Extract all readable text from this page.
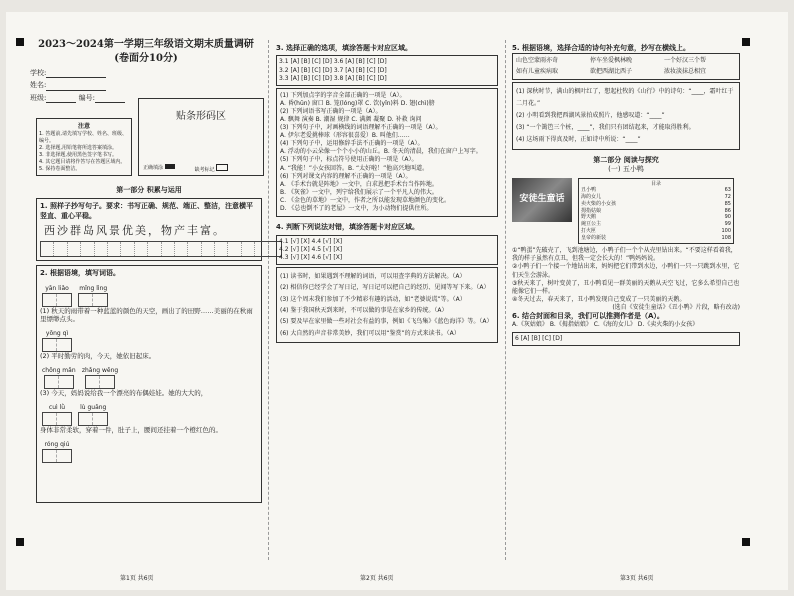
2023～2024第一学期三年级语文期末质量调研
(卷面分10分)
学校:
姓名:
班级:	编号:
注意
1. 答题前,请先填写学校、姓名、班级、编号。
2. 选择题,用铅笔将所选答案填涂。
3. 非选择题,使用黑色签字笔书写。
4. 其它题目请将作答写在答题区域内。
5. 保持卷面整洁。
贴条形码区
正确填涂	缺考标记
第一部分 积累与运用
1. 照样子抄写句子。要求：书写正确、规范、端正、整洁，注意横平竖直、重心平稳。
西沙群岛风景优美，物产丰富。
2. 根据语境，填写词语。
yān liǎo
mǐng lìng
(1) 秋天的雨带着一种蓝蓝的颜色的天空，画出了的田野……美丽的在秋雨里缥缈点头。
yōng qì
(2) 平时勤劳的肉，今天，她依旧起床。
chōng mǎn
zhǎng wēng
(3) 今天，妈妈说给我一个漂亮的布偶娃娃。她的大大的，
cuì lǜ
	lù guāng
身体非常柔软，穿着一件，肚子上，腰间还挂着一个橙红色的。
róng qiú
第1页 共6页
3. 选择正确的选项，填涂答题卡对应区域。
3.1 [A] [B] [C] [D] 3.6 [A] [B] [C] [D]
3.2 [A] [B] [C] [D] 3.7 [A] [B] [C] [D]
3.3 [A] [B] [C] [D] 3.8 [A] [B] [C] [D]
(1) 下列加点字的字音全部正确的一项是（A）。
A. 昏(hūn) 窗口 B. 笼(lóng)罩 C. 饮(yǐn)料 D. 翅(chì)膀
(2) 下列词语书写正确的一项是（A）。
A. 飘舞 演奏 B. 潮湿 规律 C. 满颜 凝聚 D. 补救 询问
(3) 下列句子中，对画横线的词语理解不正确的一项是（A）。
A. 伊尔老爱挑棒球（形容很喜爱）B. 叫他们……
(4) 下列句子中，运用修辞手法不正确的一项是（A）。
A. 浮动的小云朵像一个个小小的山丘。B. 冬天的清晨，我们在窗户上写字。
(5) 下列句子中，标点符号使用正确的一项是（A）。
A. “我能！”小女孩回答。B. “太好啦！”他高兴地叫道。
(6) 下列对课文内容的理解不正确的一项是（A）。
A. 《手术台就是阵地》一文中，白求恩把手术台当作阵地。
B. 《灰雀》一文中，列宁给我们展示了一个平凡人的伟大。
C. 《金色的草地》一文中，作者之所以能发现草地颜色的变化。
D. 《总也倒不了的老屋》一文中，为小动物们提供住所。
4. 判断下列说法对错，填涂答题卡对应区域。
4.1 [√] [X] 4.4 [√] [X]
4.2 [√] [X] 4.5 [√] [X]
4.3 [√] [X] 4.6 [√] [X]
(1) 读书时，如果遇到不理解的词语，可以用查字典的方法解决。（A）
(2) 相信你已经学会了写日记，写日记可以把自己的经历、见闻等写下来。（A）
(3) 这个周末我们参加了不少精彩有趣的活动，如“老婆说谎”等。（A）
(4) 鉴于我国秋天到来时，不可以做的事是在家乡的传统。（A）
(5) 要及早在家里做一些对社会有益的事，例如《飞鸟集》《蓝色海洋》等。（A）
(6) 大自然的声音非常美妙，我们可以用“鉴赏”的方式来读书。（A）
第2页 共6页
5. 根据语境，选择合适的诗句补充句意，抄写在横线上。
山色空蒙雨亦奇	停车坐爱枫林晚	一个好汉三个帮
如有儿童疾病取	欲把西湖比西子	浓妆淡抹总相宜
(1) 深秋时节，满山的枫叶红了，想起杜牧的《山行》中的诗句：“____，霜叶红于二月花。”
(2) 小明看到我把西湖风景拍成照片，他感叹道：“____”
(3) “一个篱笆三个桩，____”，我们只有团结起来，才能取得胜利。
(4) 这场雨下得真及时，正如诗中所说：“____”
第二部分 阅读与探究
(一) 五小鸭
安徒生童话
目录
丑小鸭	63
海的女儿	72
卖火柴的小女孩	85
拇指姑娘	86
野天鹅	90
豌豆公主	99
打火匣	100
皇帝的新装	108
①“鸭蛋”先破壳了，飞到池塘边，小鸭子们一个个从壳里钻出来。“不要这样看着我，我的样子虽然有点丑，但我一定会长大的！”鸭妈妈说。
②小鸭子们一个接一个地钻出来，妈妈把它们带到水边，小鸭们一只一只跳到水里，它们天生会游泳。
③秋天来了，树叶变黄了，丑小鸭看见一群美丽的天鹅从天空飞过，它多么希望自己也能像它们一样。
④冬天过去，春天来了，丑小鸭发现自己变成了一只美丽的天鹅。
(选自《安徒生童话》《丑小鸭》片段，略有改动)
6. 结合封面和目录，我们可以推测作者是（A）。
A.《灰姑娘》 B.《拇指姑娘》 C.《海的女儿》 D.《卖火柴的小女孩》
6 [A] [B] [C] [D]
第3页 共6页
